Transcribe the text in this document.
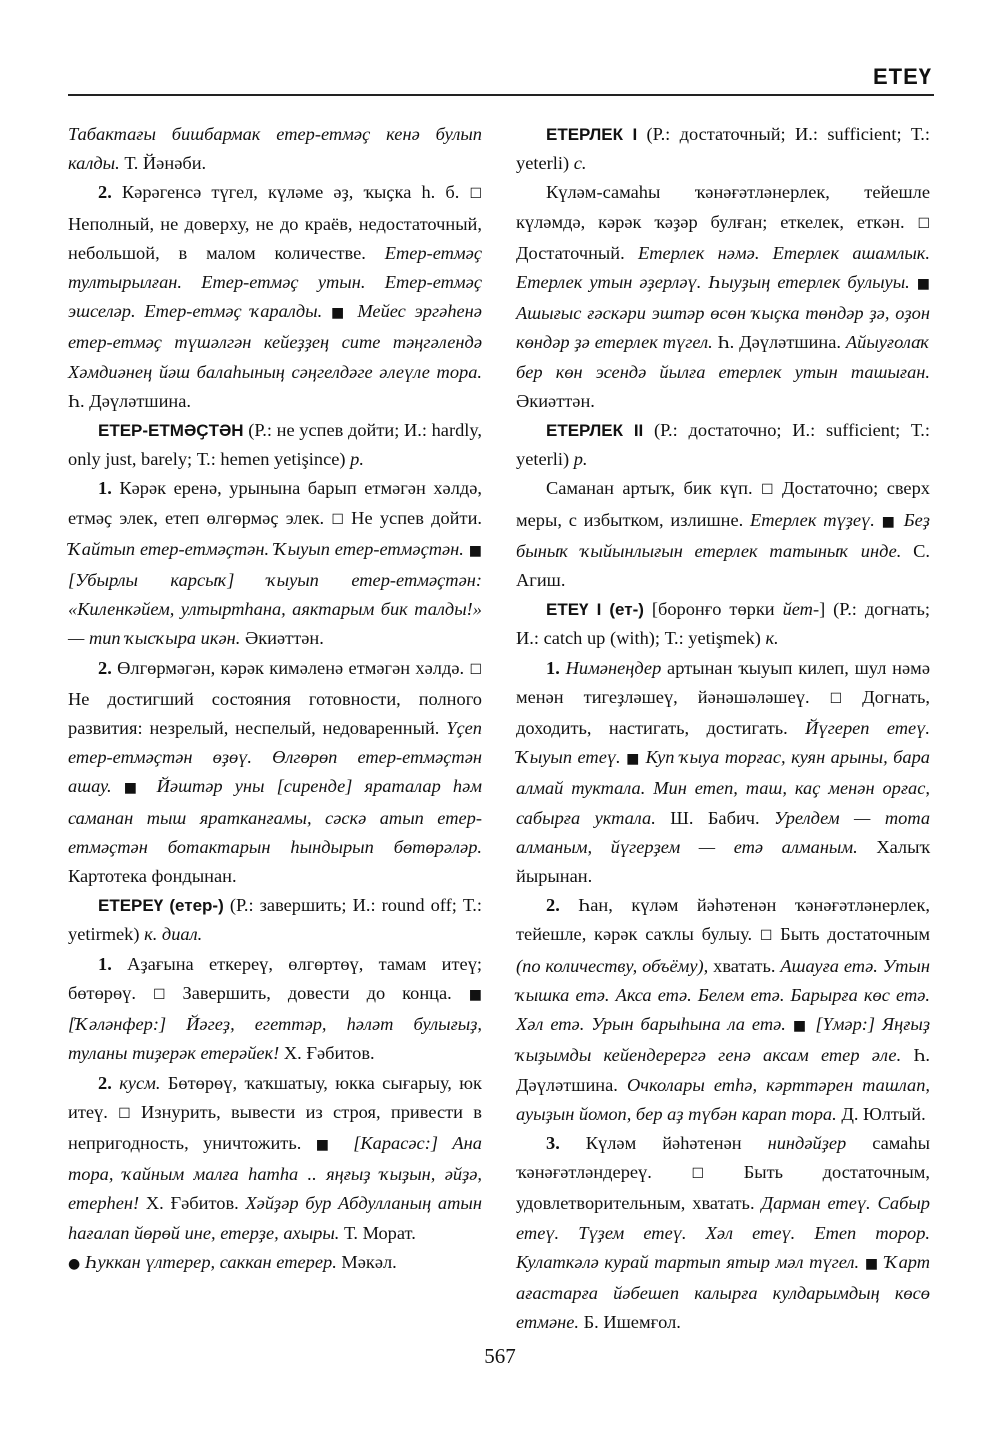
ЕТЕҮ

Табактағы бишбармак етер-етмәҫ кенә булып калды. Т. Йәнәби.

2. Кәрәгенсә түгел, күләме әҙ, ҡыҫка һ. б. ☐ Неполный, не доверху, не до краёв, недостаточный, небольшой, в малом количестве. Етер-етмәҫ тултырылған. Етер-етмәҫ утын. Етер-етмәҫ эшселәр. Етер-етмәҫ ҡаралды. ■ Мейес эргәһенә етер-етмәҫ түшәлгән кейеҙҙең сите тәңгәлендә Хәмдиәнең йәш балаһының сәңгелдәге әлеүле тора. Һ. Дәүләтшина.

ЕТЕР-ЕТМӘҪТӘН (Р.: не успев дойти; И.: hardly, only just, barely; Т.: hemen yetişince) р.

1. Кәрәк еренә, урынына барып етмәгән хәлдә, етмәҫ элек, етеп өлгөрмәҫ элек. ☐ Не успев дойти. Ҡайтып етер-етмәҫтән. Ҡыуып етер-етмәҫтән. ■ [Убырлы карсыҡ] ҡыуып етер-етмәҫтән: «Киленкәйем, ултыртһана, аяктарым бик талды!» — тип ҡысҡыра икән. Әкиәттән.

2. Өлгөрмәгән, кәрәк кимәленә етмәгән хәлдә. ☐ Не достигший состояния готовности, полного развития: незрелый, неспелый, недоваренный. Үҫеп етер-етмәҫтән өҙөү. Өлгөрөп етер-етмәҫтән ашау. ■ Йәштәр уны [сиренде] яраталар һәм саманан тыш яратканғамы, сәскә атып етер-етмәҫтән ботактарын һындырып бөтөрәләр. Картотека фондынан.

ЕТЕРЕҮ (етер-) (Р.: завершить; И.: round off; Т.: yetirmek) к. диал.

1. Аҙағына еткереү, өлгөртөү, тамам итеү; бөтөрөү. ☐ Завершить, довести до конца. ■ [Ҡәләнфер:] Йәгеҙ, егеттәр, һәләт булығыҙ, туланы тиҙерәк етерәйек! Х. Ғәбитов.

2. кусм. Бөтөрөү, ҡаҡшатыу, юкка сығарыу, юк итеү. ☐ Изнурить, вывести из строя, привести в непригодность, уничтожить. ■ [Карасәс:] Ана тора, ҡайным малға һатһа .. яңғыҙ ҡыҙын, әйҙә, етерһен! Х. Ғәбитов. Хәйҙәр бур Абдулланың атын һағалап йөрөй ине, етерҙе, ахыры. Т. Морат.

● Һуккан үлтерер, саккан етерер. Мәкәл.

ЕТЕРЛЕК I (Р.: достаточный; И.: sufficient; Т.: yeterli) с.

Күләм-самаһы ҡәнәғәтләнерлек, тейешле күләмдә, кәрәк ҡәҙәр булған; еткелек, еткән. ☐ Достаточный. Етерлек нәмә. Етерлек ашамлык. Етерлек утын әҙерләү. Һыуҙың етерлек булыуы. ■ Ашығыс ғәскәри эштәр өсөн ҡыҫка төндәр ҙә, оҙон көндәр ҙә етерлек түгел. Һ. Дәүләтшина. Айыуғолаҡ бер көн эсендә йылға етерлек утын ташыған. Әкиәттән.

ЕТЕРЛЕК II (Р.: достаточно; И.: sufficient; Т.: yeterli) р.

Саманан артыҡ, бик күп. ☐ Достаточно; сверх меры, с избытком, излишне. Етерлек түҙеү. ■ Беҙ быныҡ ҡыйынлығын етерлек татыныҡ инде. С. Агиш.

ЕТЕҮ I (ет-) [боронғо төрки йет-] (Р.: догнать; И.: catch up (with); Т.: yetişmek) к.

1. Нимәнеңдер артынан ҡыуып килеп, шул нәмә менән тигеҙләшеү, йәнәшәләшеү. ☐ Догнать, доходить, настигать, достигать. Йүгереп етеү. Ҡыуып етеү. ■ Куп ҡыуа торғас, куян арыны, бара алмай туктала. Мин етеп, таш, каҫ менән орғас, сабырға уктала. Ш. Бабич. Урелдем — тота алманым, йүгерҙем — етә алманым. Халыҡ йырынан.

2. Һан, күләм йәһәтенән ҡәнәғәтләнерлек, тейешле, кәрәк саҡлы булыу. ☐ Быть достаточным (по количеству, объёму), хватать. Ашауға етә. Утын ҡышка етә. Акса етә. Белем етә. Барырға көс етә. Хәл етә. Урын барыһына ла етә. ■ [Үмәр:] Яңғыҙ ҡыҙымды кейендерергә генә аксам етер әле. Һ. Дәүләтшина. Очколары етһә, кәрттәрен ташлап, ауыҙын йомоп, бер аҙ түбән карап тора. Д. Юлтый.

3. Күләм йәһәтенән ниндәйҙер самаһы ҡәнәғәтләндереү. ☐ Быть достаточным, удовлетворительным, хватать. Дарман етеү. Сабыр етеү. Түҙем етеү. Хәл етеү. Етеп торор. Кулаткәлә курай тартып ятыр мәл түгел. ■ Ҡарт ағастарға йәбешеп калырға кулдарымдың көсө етмәне. Б. Ишемғол.

567
